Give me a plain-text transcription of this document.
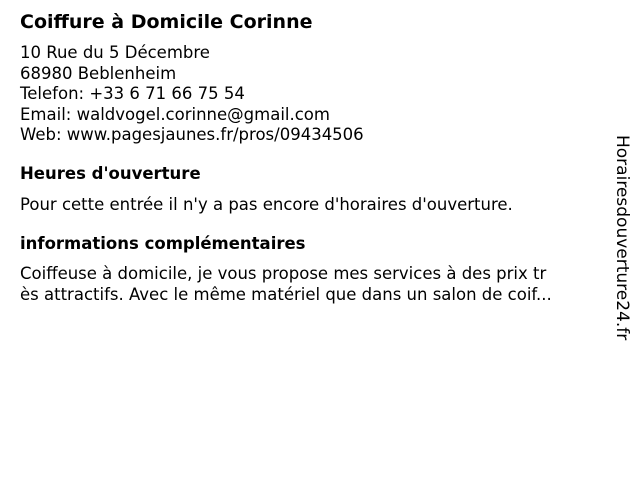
Coiffure à Domicile Corinne
10 Rue du 5 Décembre
68980 Beblenheim
Telefon: +33 6 71 66 75 54
Email: waldvogel.corinne@gmail.com
Web: www.pagesjaunes.fr/pros/09434506
Heures d'ouverture

Pour cette entrée il n'y a pas encore d'horaires d'ouverture.

informations complémentaires
Coiffeuse à domicile, je vous propose mes services à des prix tr
ès attractifs. Avec le même matériel que dans un salon de coif...	Horairesdouverture24.fr
